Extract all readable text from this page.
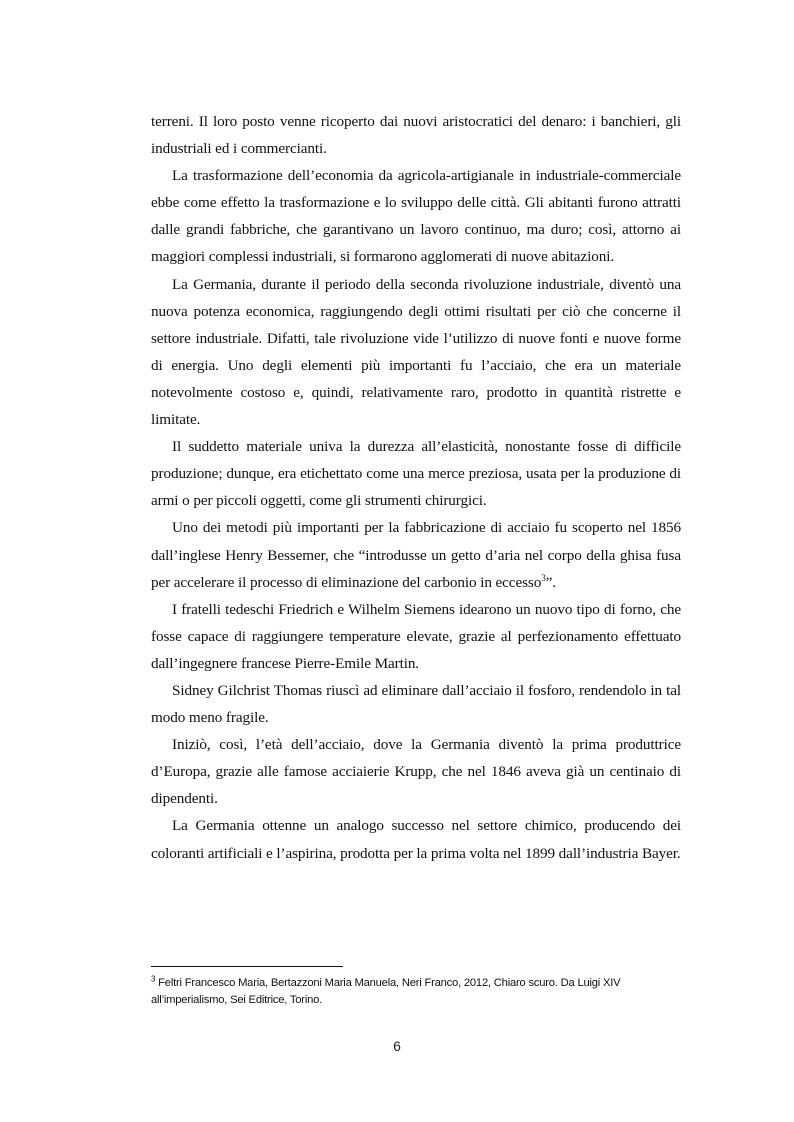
terreni. Il loro posto venne ricoperto dai nuovi aristocratici del denaro: i banchieri, gli industriali ed i commercianti.

La trasformazione dell’economia da agricola-artigianale in industriale-commerciale ebbe come effetto la trasformazione e lo sviluppo delle città. Gli abitanti furono attratti dalle grandi fabbriche, che garantivano un lavoro continuo, ma duro; così, attorno ai maggiori complessi industriali, si formarono agglomerati di nuove abitazioni.

La Germania, durante il periodo della seconda rivoluzione industriale, diventò una nuova potenza economica, raggiungendo degli ottimi risultati per ciò che concerne il settore industriale. Difatti, tale rivoluzione vide l’utilizzo di nuove fonti e nuove forme di energia. Uno degli elementi più importanti fu l’acciaio, che era un materiale notevolmente costoso e, quindi, relativamente raro, prodotto in quantità ristrette e limitate.

Il suddetto materiale univa la durezza all’elasticità, nonostante fosse di difficile produzione; dunque, era etichettato come una merce preziosa, usata per la produzione di armi o per piccoli oggetti, come gli strumenti chirurgici.

Uno dei metodi più importanti per la fabbricazione di acciaio fu scoperto nel 1856 dall’inglese Henry Bessemer, che “introdusse un getto d’aria nel corpo della ghisa fusa per accelerare il processo di eliminazione del carbonio in eccesso$^3$”.

I fratelli tedeschi Friedrich e Wilhelm Siemens idearono un nuovo tipo di forno, che fosse capace di raggiungere temperature elevate, grazie al perfezionamento effettuato dall’ingegnere francese Pierre-Emile Martin.

Sidney Gilchrist Thomas riuscì ad eliminare dall’acciaio il fosforo, rendendolo in tal modo meno fragile.

Iniziò, così, l’età dell’acciaio, dove la Germania diventò la prima produttrice d’Europa, grazie alle famose acciaierie Krupp, che nel 1846 aveva già un centinaio di dipendenti.

La Germania ottenne un analogo successo nel settore chimico, producendo dei coloranti artificiali e l’aspirina, prodotta per la prima volta nel 1899 dall’industria Bayer.

$^3$ Feltri Francesco Maria, Bertazzoni Maria Manuela, Neri Franco, 2012, Chiaro scuro. Da Luigi XIV all’imperialismo, Sei Editrice, Torino.

6
